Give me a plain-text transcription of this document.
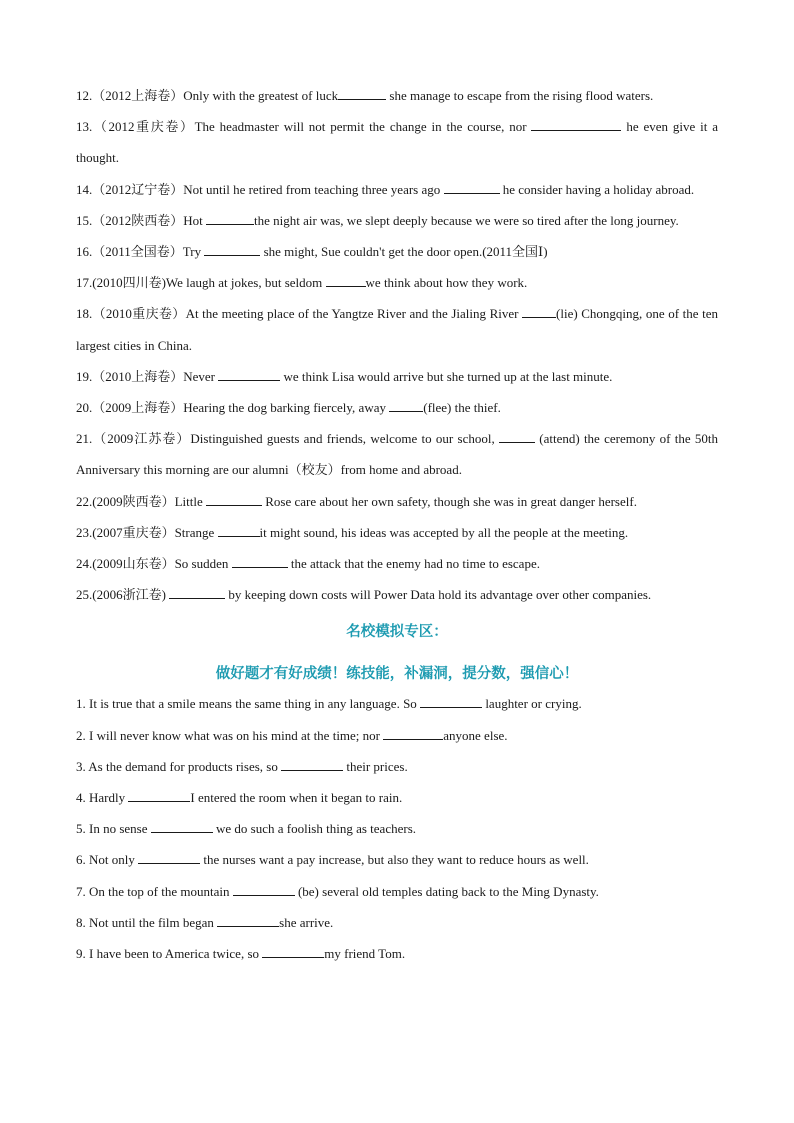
12.（2012上海卷）Only with the greatest of luck	she manage to escape from the rising flood waters.

13.（2012重庆卷）The headmaster will not permit the change in the course, nor	he even give it a thought.

14.（2012辽宁卷）Not until he retired from teaching three years ago	he consider having a holiday abroad.

15.（2012陕西卷）Hot	the night air was, we slept deeply because we were so tired after the long journey.

16.（2011全国卷）Try	she might, Sue couldn't get the door open.(2011全国Ⅰ)

17.(2010四川卷)We laugh at jokes, but seldom	we think about how they work.

18.（2010重庆卷）At the meeting place of the Yangtze River and the Jialing River	(lie) Chongqing, one of the ten largest cities in China.

19.（2010上海卷）Never	we think Lisa would arrive but she turned up at the last minute.

20.（2009上海卷）Hearing the dog barking fiercely, away	(flee) the thief.

21.（2009江苏卷）Distinguished guests and friends, welcome to our school,	(attend) the ceremony of the 50th Anniversary this morning are our alumni（校友）from home and abroad.

22.(2009陕西卷）Little	Rose care about her own safety, though she was in great danger herself.

23.(2007重庆卷）Strange	it might sound, his ideas was accepted by all the people at the meeting.

24.(2009山东卷）So sudden	the attack that the enemy had no time to escape.

25.(2006浙江卷)	by keeping down costs will Power Data hold its advantage over other companies.

名校模拟专区：

做好题才有好成绩！练技能，补漏洞，提分数，强信心！

1. It is true that a smile means the same thing in any language. So	laughter or crying.

2. I will never know what was on his mind at the time; nor	anyone else.

3. As the demand for products rises, so	their prices.

4. Hardly	I entered the room when it began to rain.

5. In no sense	we do such a foolish thing as teachers.

6. Not only	the nurses want a pay increase, but also they want to reduce hours as well.

7. On the top of the mountain	(be) several old temples dating back to the Ming Dynasty.

8. Not until the film began	she arrive.

9. I have been to America twice, so	my friend Tom.
